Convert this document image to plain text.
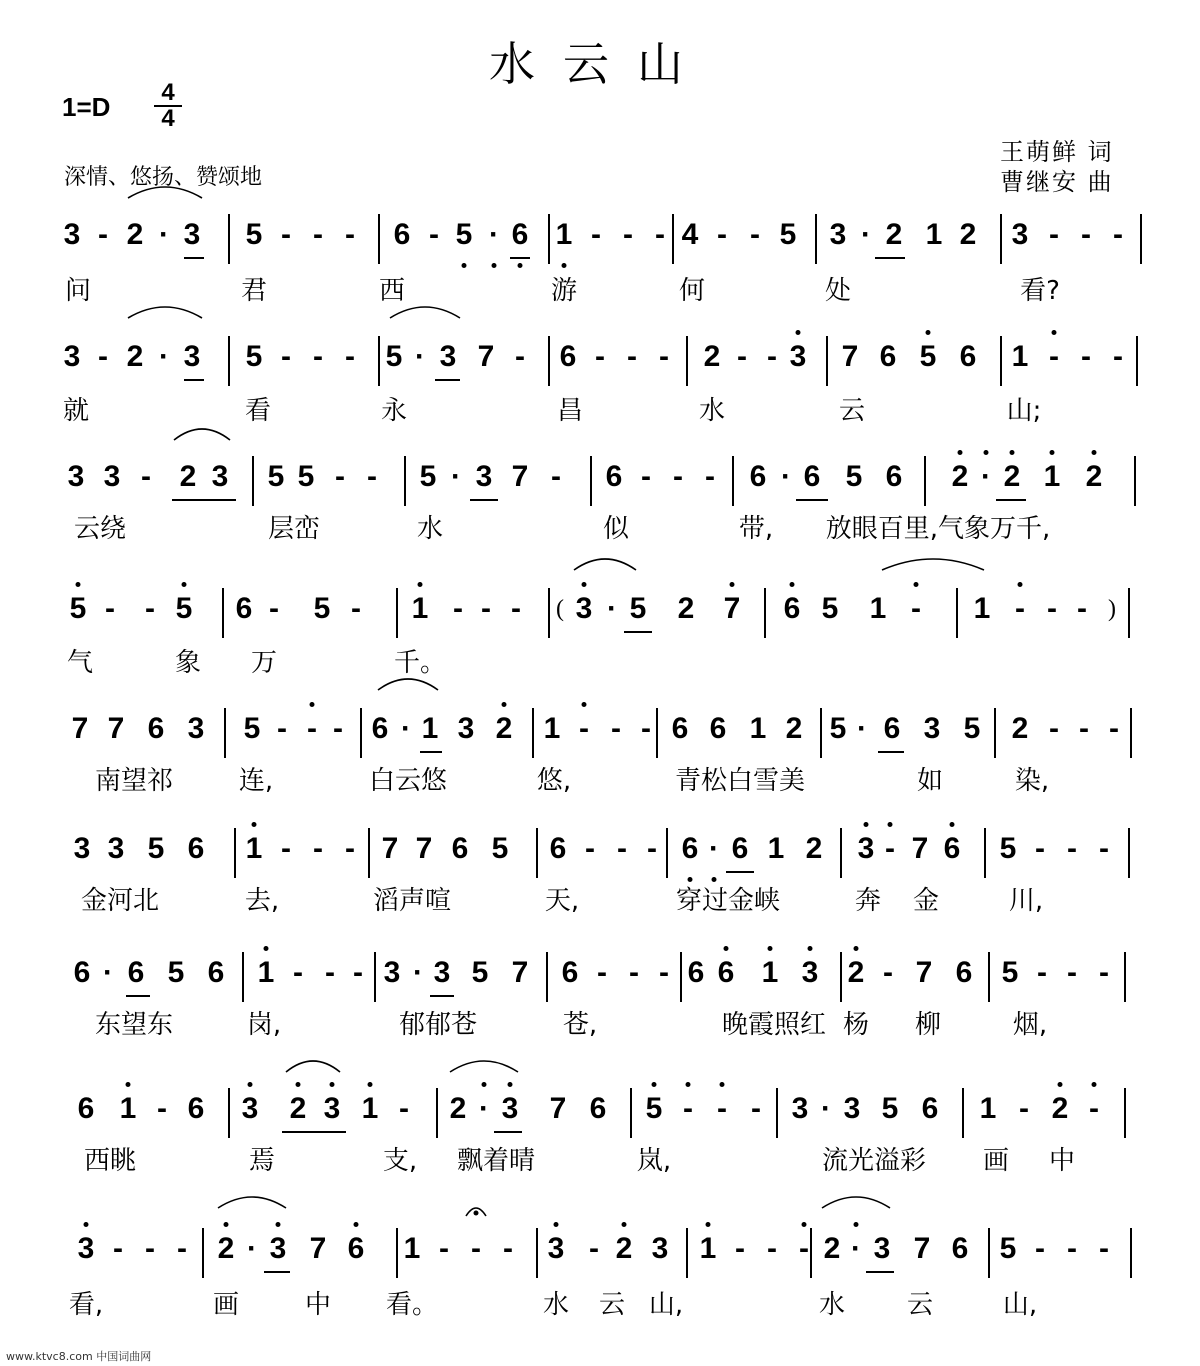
水云山
1=D	4
4
深情、悠扬、赞颂地
王萌鲜 词
曹继安 曲
3 - 2 · 3 5 - - - 6 - 5 · 6 1 - - - 4 - - 5 3 · 2 1 2 3 - - -
问	君	西	游	何	处	看?
3 - 2 · 3 5 - - - 5 · 3 7 - 6 - - - 2 - - 3 7 6 5 6 1 - - -
就	看	永	昌	水	云	山;
3 3 - 2 3 5 5 - - 5 · 3 7 - 6 - - - 6 · 6 5 6 2 · 2 1 2
云绕	层峦	水	似	带, 放眼百里,气象万千,
5 - - 5 6 - 5 - 1 - - - ( 3 · 5 2 7 6 5 1 - 1 - - - )
气	象 万	千。
7 7 6 3 5 - - - 6 · 1 3 2 1 - - - 6 6 1 2 5 · 6 3 5 2 - - -
南望祁	连,	白云悠	悠,	青松白雪美	如	染,
3 3 5 6 1 - - - 7 7 6 5 6 - - - 6 · 6 1 2 3 - 7 6 5 - - -
金河北	去,	滔声喧	天,	穿过金峡	奔 金	川,
6 · 6 5 6 1 - - - 3 · 3 5 7 6 - - - 6 6 1 3 2 - 7 6 5 - - -
东望东	岗,	郁郁苍	苍,	晚霞照红 杨 柳	烟,
6 1 - 6 3 2 3 1 - 2 · 3 7 6 5 - - - 3 · 3 5 6 1 - 2 -
西眺	焉	支, 飘着晴	岚,	流光溢彩 画 中
3 - - - 2 · 3 7 6 1 - - - 3 - 2 3 1 - - - 2 · 3 7 6 5 - - -
看,	画	中 看。	水 云 山,	水 云	山,
www.ktvc8.com 中国词曲网
